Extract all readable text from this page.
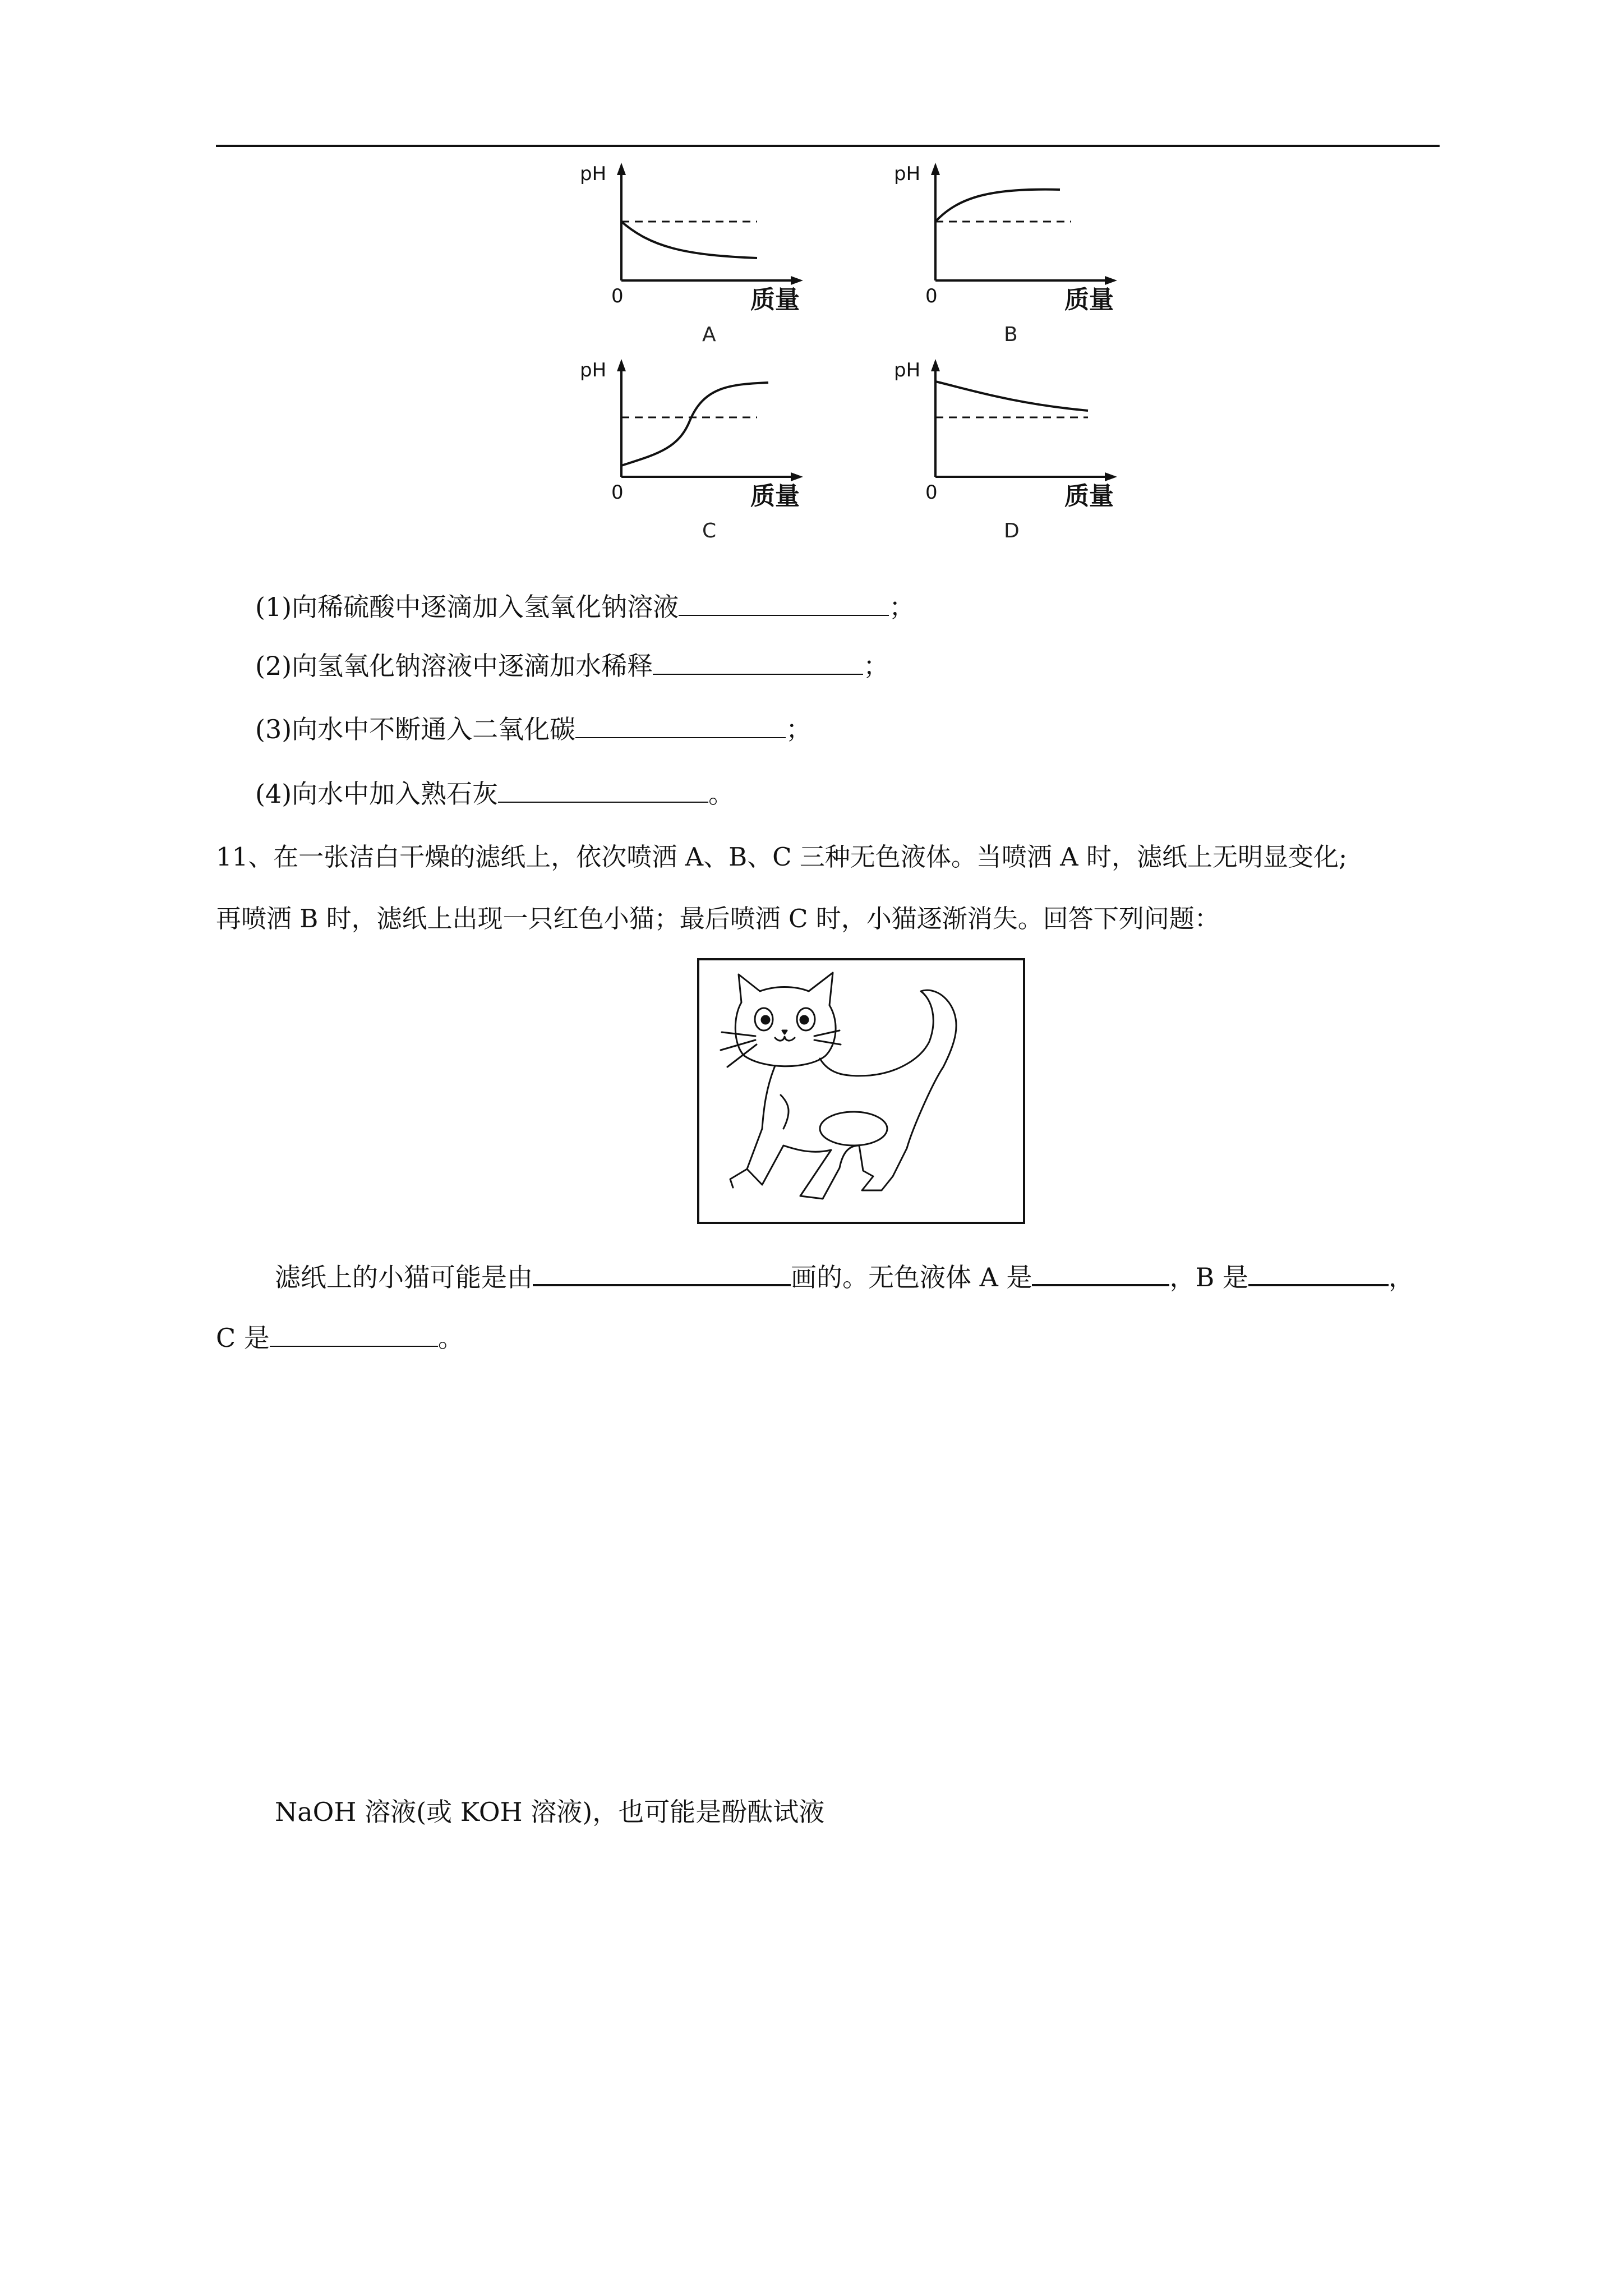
pH
0	质量
A
pH
0	质量
B
pH
0	质量
C
pH
0	质量
D
(1)向稀硫酸中逐滴加入氢氧化钠溶液	；
(2)向氢氧化钠溶液中逐滴加水稀释	；
(3)向水中不断通入二氧化碳	；
(4)向水中加入熟石灰	。
11、在一张洁白干燥的滤纸上，依次喷洒 A、B、C 三种无色液体。当喷洒 A 时，滤纸上无明显变化;
再喷洒 B 时，滤纸上出现一只红色小猫；最后喷洒 C 时，小猫逐渐消失。回答下列问题：
滤纸上的小猫可能是由	画的。无色液体 A 是	，B 是	，
C 是	。
NaOH 溶液(或 KOH 溶液)，也可能是酚酞试液
